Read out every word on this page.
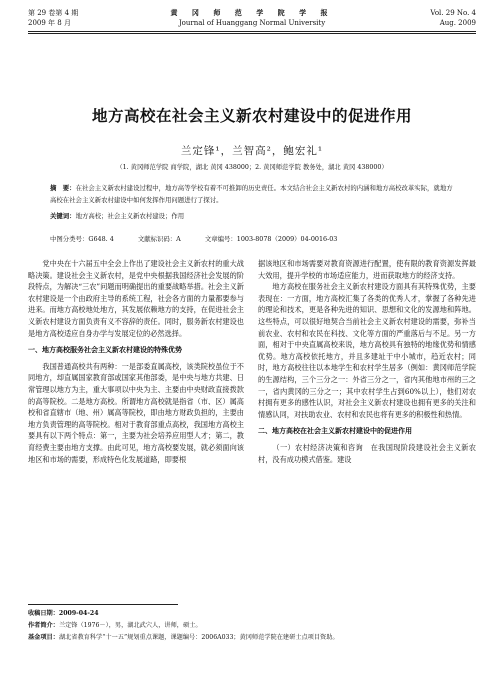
第 29 卷第 4 期
2009 年 8 月
黄 冈 师 范 学 院 学 报
Journal of Huanggang Normal University
Vol. 29 No. 4
Aug. 2009
地方高校在社会主义新农村建设中的促进作用
兰定锋¹，兰智高²，鲍宏礼¹
（1. 黄冈师范学院 商学院，湖北 黄冈 438000；2. 黄冈师范学院 教务处，湖北 黄冈 438000）
摘　要：在社会主义新农村建设过程中，地方高等学校有着不可推卸的历史责任。本文结合社会主义新农村的内涵和地方高校改革实际，就地方高校在社会主义新农村建设中如何发挥作用问题进行了探讨。
关键词：地方高校；社会主义新农村建设；作用
中图分类号：G648. 4	文献标识码：A	文章编号：1003-8078（2009）04-0016-03

党中央在十六届五中全会上作出了建设社会主义新农村的重大战略决策。建设社会主义新农村，是党中央根据我国经济社会发展的阶段特点，为解决“三农”问题而明确提出的重要战略举措。社会主义新农村建设是一个由政府主导的系统工程，社会各方面的力量都要参与进来。而地方高校地处地方，其发展依赖地方的支持，在促进社会主义新农村建设方面负责有义不容辞的责任。同时，服务新农村建设也是地方高校适应自身办学与发展定位的必然选择。

一、地方高校服务社会主义新农村建设的特殊优势

我国普通高校共有两种：一是部委直属高校，该类院校虽位于不同地方，却直属国家教育部或国家其他部委，是中央与地方共建、日常管理以地方为主，重大事项以中央为主、主要由中央财政直接拨款的高等院校。二是地方高校。所谓地方高校就是指省（市、区）属高校和省直辖市（地、州）属高等院校，即由地方财政负担的，主要由地方负责管理的高等院校。相对于教育部重点高校，我国地方高校主要具有以下两个特点：第一，主要为社会培养应用型人才；第二，教育经费主要由地方支撑。由此可见，地方高校要发展，就必须面向该地区和市场的需要，形成特色化发展道路，即要根

据该地区和市场需要对教育资源进行配置，使有限的教育资源发挥最大效用，提升学校的市场适应能力，进而获取地方的经济支持。

地方高校在服务社会主义新农村建设方面具有其特殊优势，主要表现在：一方面，地方高校汇集了各类的优秀人才，掌握了各种先进的理论和技术，更是各种先进的知识、思想和文化的发源地和阵地。这些特点，可以很好地契合当前社会主义新农村建设的需要，弥补当前农业、农村和农民在科技、文化等方面的严重落后与不足。另一方面，相对于中央直属高校来说，地方高校具有独特的地缘优势和情感优势。地方高校依托地方，并且多建址于中小城市，趋近农村；同时，地方高校往往以本地学生和农村学生居多（例如：黄冈师范学院的生源结构，三个三分之一：外省三分之一，省内其他地市州的三之一，省内黄冈的三分之一；其中农村学生占到60%以上），他们对农村拥有更多的感性认识，对社会主义新农村建设也拥有更多的关注和情感认同，对扶助农业、农村和农民也将有更多的积极性和热情。

二、地方高校在社会主义新农村建设中的促进作用

（一）农村经济决策和咨询　在我国现阶段建设社会主义新农村，没有成功模式借鉴。建设

收稿日期：2009-04-24
作者简介：兰定锋（1976－），男，湖北武穴人，讲师，硕士。
基金项目：湖北省教育科学“十一五”规划重点课题，课题编号：2006A033；黄冈师范学院在建研士点项目资助。
